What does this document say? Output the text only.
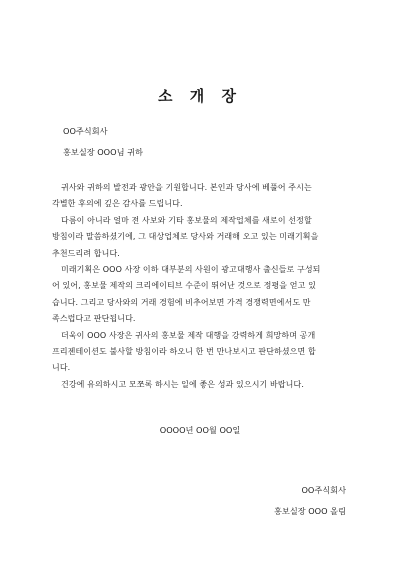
소 개 장
OO주식회사
홍보실장 OOO님 귀하
귀사와 귀하의 발전과 광안을 기원합니다. 본인과 당사에 베풀어 주시는
각별한 후의에 깊은 감사를 드립니다.
다름이 아니라 얼마 전 사보와 기타 홍보물의 제작업체를 새로이 선정할
방침이라 말씀하셨기에, 그 대상업체로 당사와 거래해 오고 있는 미래기획을
추천드리려 합니다.
미래기획은 OOO 사장 이하 대부분의 사원이 광고대행사 출신들로 구성되
어 있어, 홍보물 제작의 크리에이티브 수준이 뛰어난 것으로 정평을 얻고 있
습니다. 그리고 당사와의 거래 경험에 비추어보면 가격 경쟁력면에서도 만
족스럽다고 판단됩니다.
더욱이 OOO 사장은 귀사의 홍보물 제작 대행을 강력하게 희망하며 공개
프리젠테이션도 불사할 방침이라 하오니 한 번 만나보시고 판단하셨으면 합
니다.
건강에 유의하시고 모쪼록 하시는 일에 좋은 성과 있으시기 바랍니다.
OOOO년 OO월 OO일
OO주식회사
홍보실장 OOO 올림
